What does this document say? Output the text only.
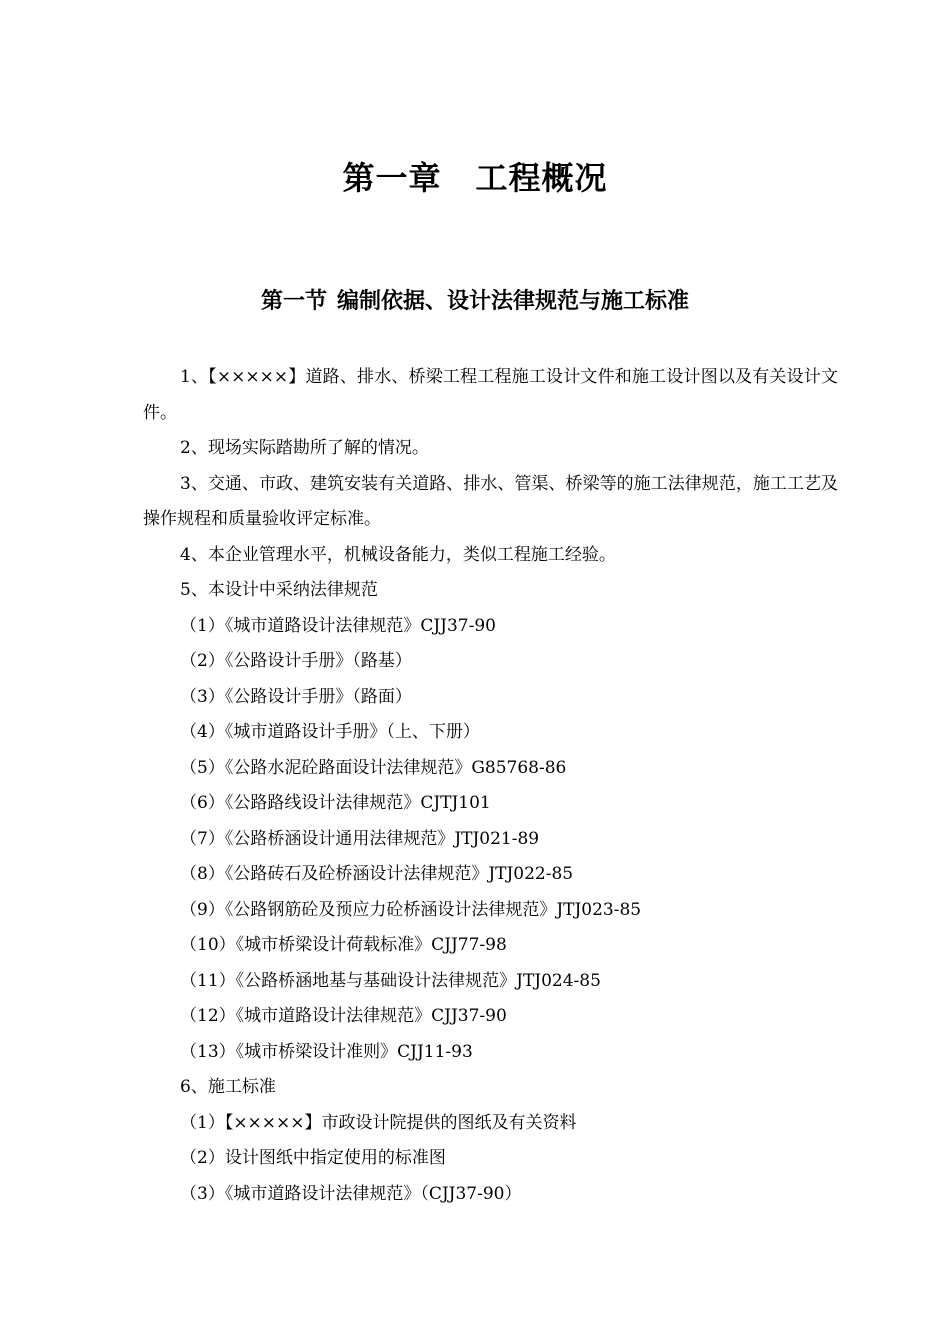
第一章 工程概况
第一节 编制依据、设计法律规范与施工标准

1、【×××××】道路、排水、桥梁工程工程施工设计文件和施工设计图以及有关设计文件。

2、现场实际踏勘所了解的情况。

3、交通、市政、建筑安装有关道路、排水、管渠、桥梁等的施工法律规范，施工工艺及操作规程和质量验收评定标准。

4、本企业管理水平，机械设备能力，类似工程施工经验。

5、本设计中采纳法律规范

（1）《城市道路设计法律规范》CJJ37-90

（2）《公路设计手册》（路基）

（3）《公路设计手册》（路面）

（4）《城市道路设计手册》（上、下册）

（5）《公路水泥砼路面设计法律规范》G85768-86

（6）《公路路线设计法律规范》CJTJ101

（7）《公路桥涵设计通用法律规范》JTJ021-89

（8）《公路砖石及砼桥涵设计法律规范》JTJ022-85

（9）《公路钢筋砼及预应力砼桥涵设计法律规范》JTJ023-85

（10）《城市桥梁设计荷载标准》CJJ77-98

（11）《公路桥涵地基与基础设计法律规范》JTJ024-85

（12）《城市道路设计法律规范》CJJ37-90

（13）《城市桥梁设计准则》CJJ11-93

6、施工标准

（1）【×××××】市政设计院提供的图纸及有关资料

（2）设计图纸中指定使用的标准图

（3）《城市道路设计法律规范》（CJJ37-90）
